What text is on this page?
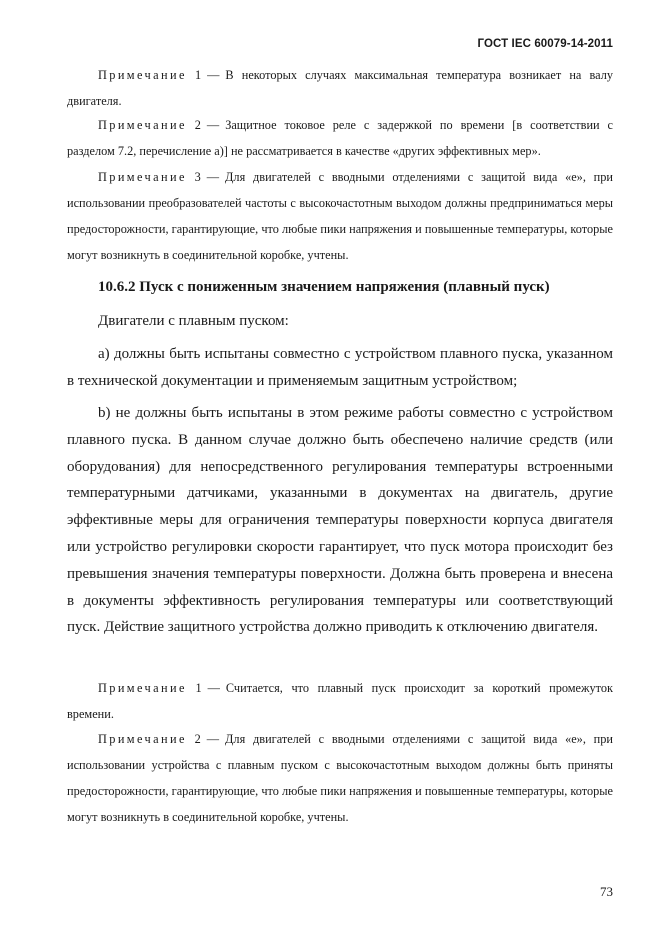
ГОСТ IEC 60079-14-2011

Примечание 1 — В некоторых случаях максимальная температура возникает на валу двигателя.

Примечание 2 — Защитное токовое реле с задержкой по времени [в соответствии с разделом 7.2, перечисление а)] не рассматривается в качестве «других эффективных мер».

Примечание 3 — Для двигателей с вводными отделениями с защитой вида «е», при использовании преобразователей частоты с высокочастотным выходом должны предприниматься меры предосторожности, гарантирующие, что любые пики напряжения и повышенные температуры, которые могут возникнуть в соединительной коробке, учтены.

10.6.2 Пуск с пониженным значением напряжения (плавный пуск)

Двигатели с плавным пуском:

а) должны быть испытаны совместно с устройством плавного пуска, указанном в технической документации и применяемым защитным устройством;

b) не должны быть испытаны в этом режиме работы совместно с устройством плавного пуска. В данном случае должно быть обеспечено наличие средств (или оборудования) для непосредственного регулирования температуры встроенными температурными датчиками, указанными в документах на двигатель, другие эффективные меры для ограничения температуры поверхности корпуса двигателя или устройство регулировки скорости гарантирует, что пуск мотора происходит без превышения значения температуры поверхности. Должна быть проверена и внесена в документы эффективность регулирования температуры или соответствующий пуск. Действие защитного устройства должно приводить к отключению двигателя.

Примечание 1 — Считается, что плавный пуск происходит за короткий промежуток времени.

Примечание 2 — Для двигателей с вводными отделениями с защитой вида «е», при использовании устройства с плавным пуском с высокочастотным выходом должны быть приняты предосторожности, гарантирующие, что любые пики напряжения и повышенные температуры, которые могут возникнуть в соединительной коробке, учтены.

73
